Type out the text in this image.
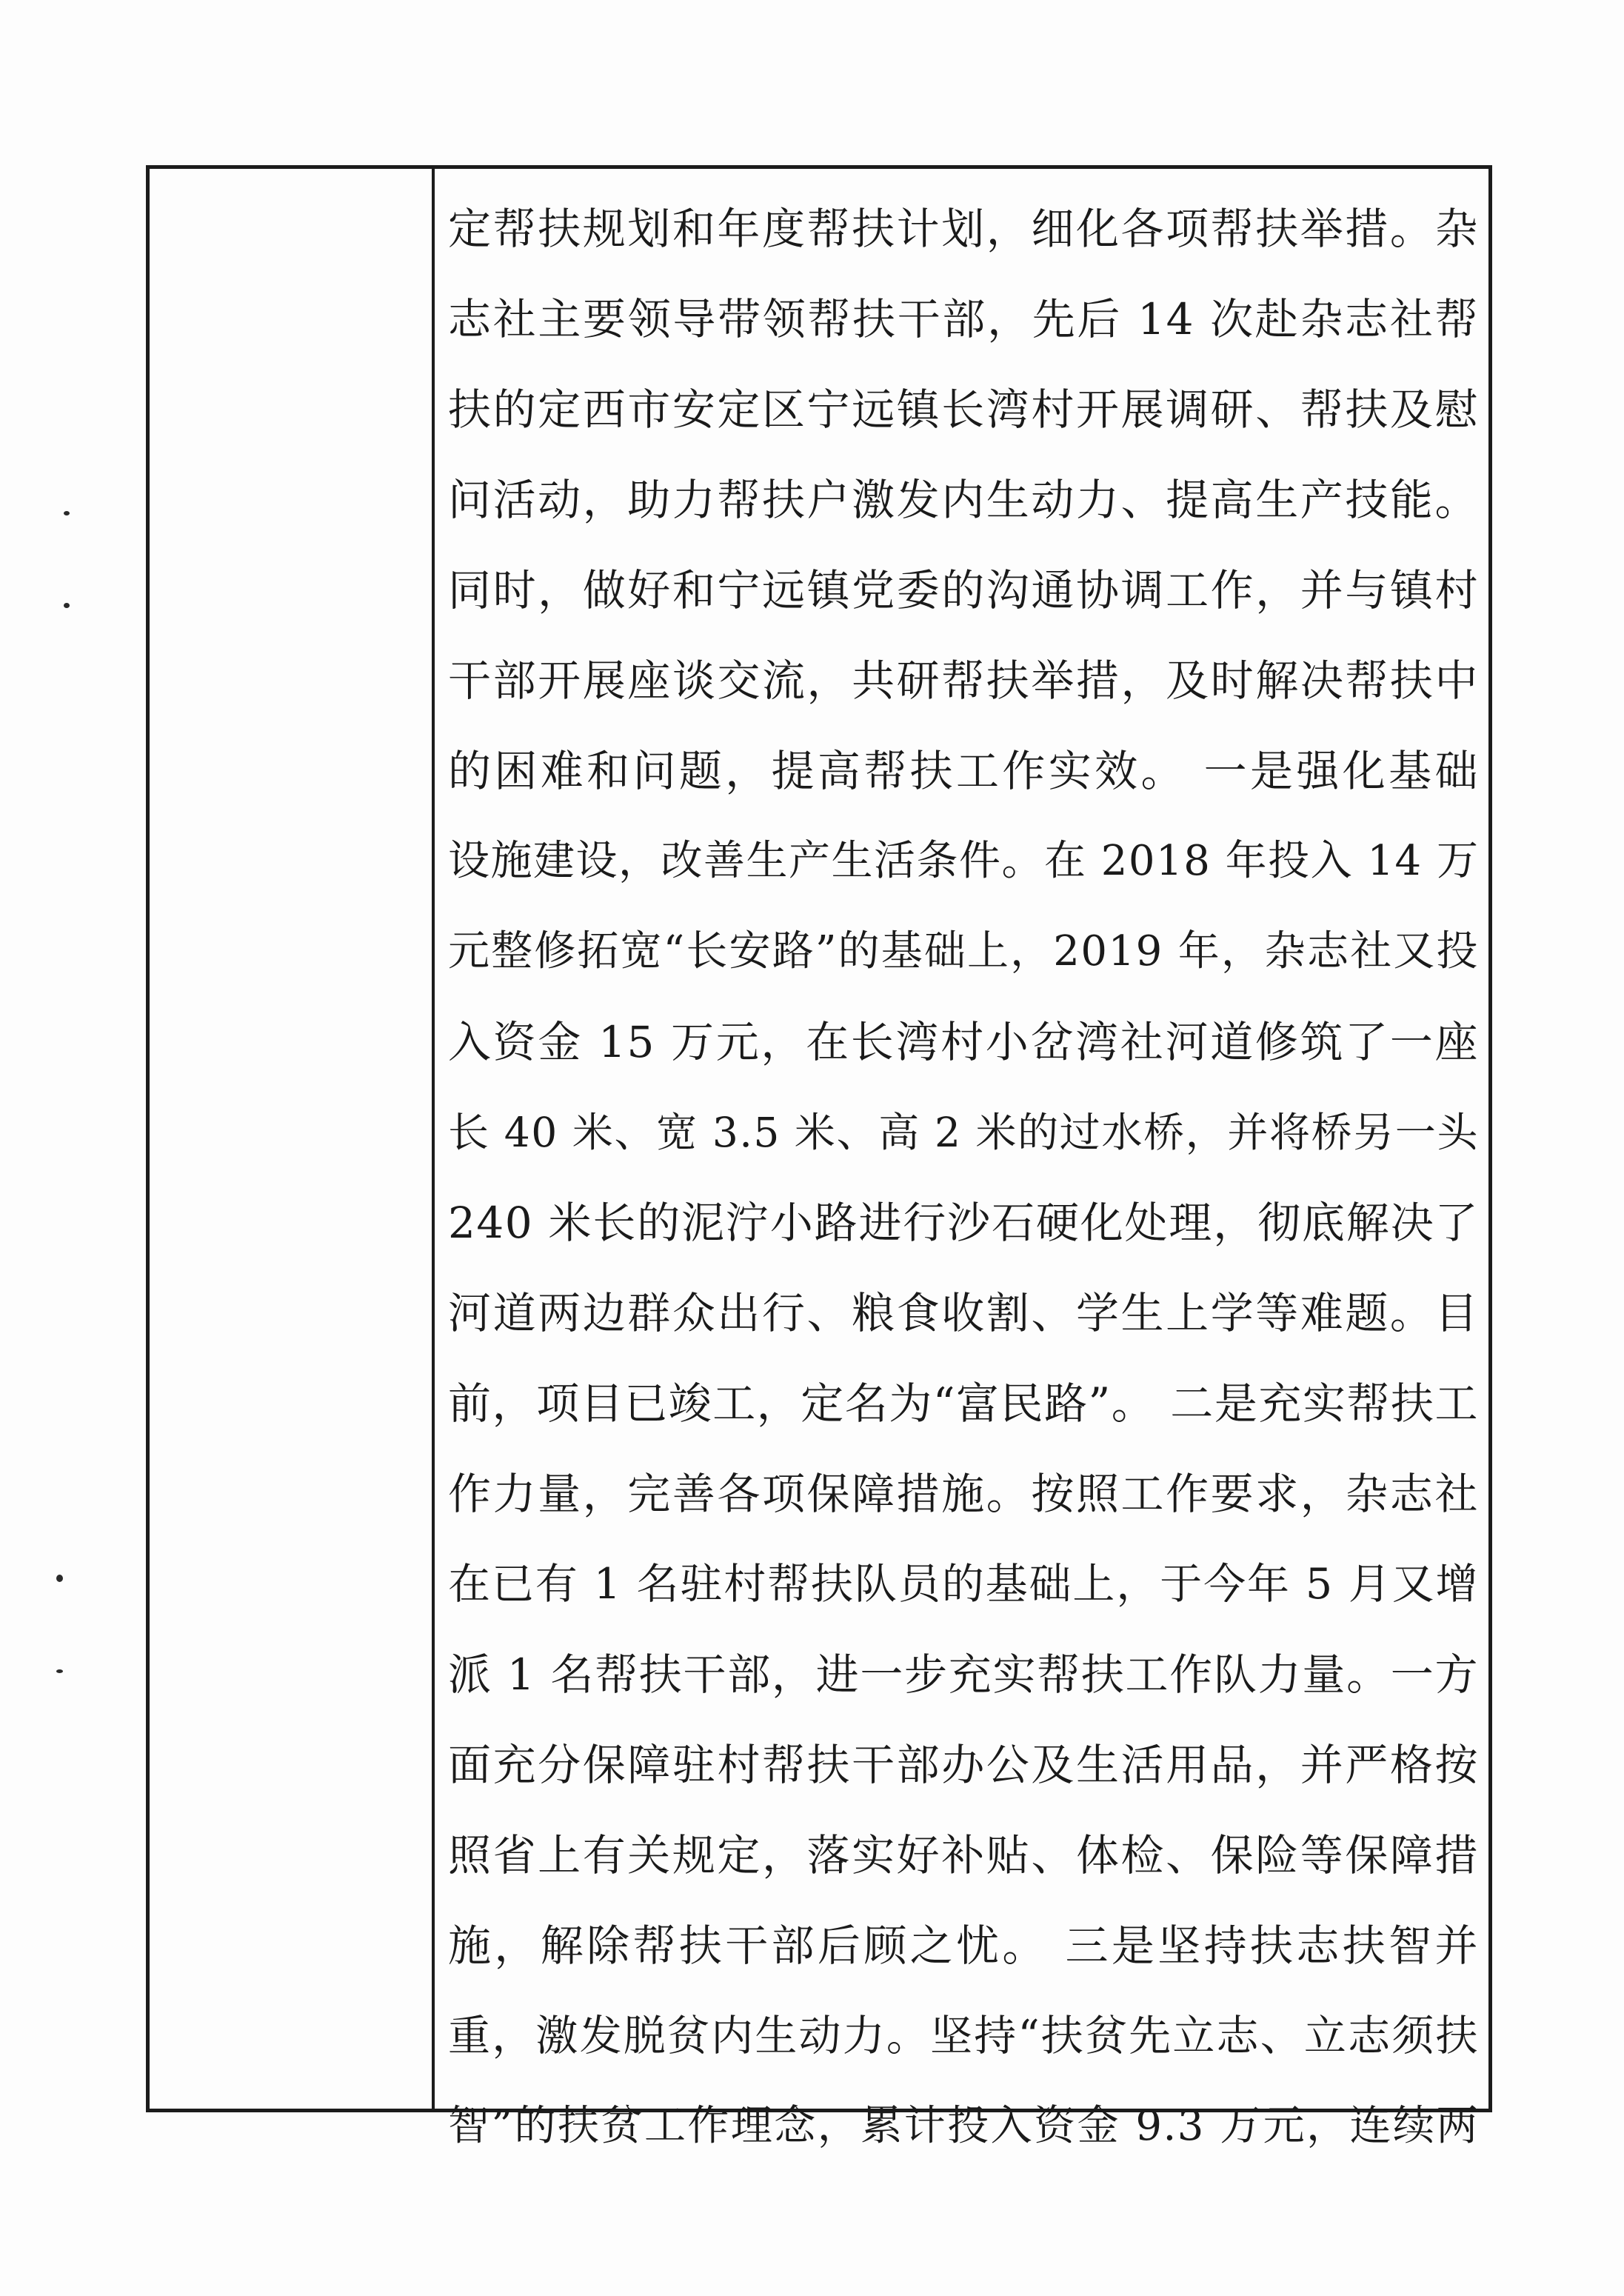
定帮扶规划和年度帮扶计划，细化各项帮扶举措。杂
志社主要领导带领帮扶干部，先后 14 次赴杂志社帮
扶的定西市安定区宁远镇长湾村开展调研、帮扶及慰
问活动，助力帮扶户激发内生动力、提高生产技能。
同时，做好和宁远镇党委的沟通协调工作，并与镇村
干部开展座谈交流，共研帮扶举措，及时解决帮扶中
的困难和问题，提高帮扶工作实效。 一是强化基础
设施建设，改善生产生活条件。在 2018 年投入 14 万
元整修拓宽“长安路”的基础上，2019 年，杂志社又投
入资金 15 万元，在长湾村小岔湾社河道修筑了一座
长 40 米、宽 3.5 米、高 2 米的过水桥，并将桥另一头
240 米长的泥泞小路进行沙石硬化处理，彻底解决了
河道两边群众出行、粮食收割、学生上学等难题。目
前，项目已竣工，定名为“富民路”。 二是充实帮扶工
作力量，完善各项保障措施。按照工作要求，杂志社
在已有 1 名驻村帮扶队员的基础上，于今年 5 月又增
派 1 名帮扶干部，进一步充实帮扶工作队力量。一方
面充分保障驻村帮扶干部办公及生活用品，并严格按
照省上有关规定，落实好补贴、体检、保险等保障措
施，解除帮扶干部后顾之忧。 三是坚持扶志扶智并
重，激发脱贫内生动力。坚持“扶贫先立志、立志须扶
智”的扶贫工作理念，累计投入资金 9.3 万元，连续两
